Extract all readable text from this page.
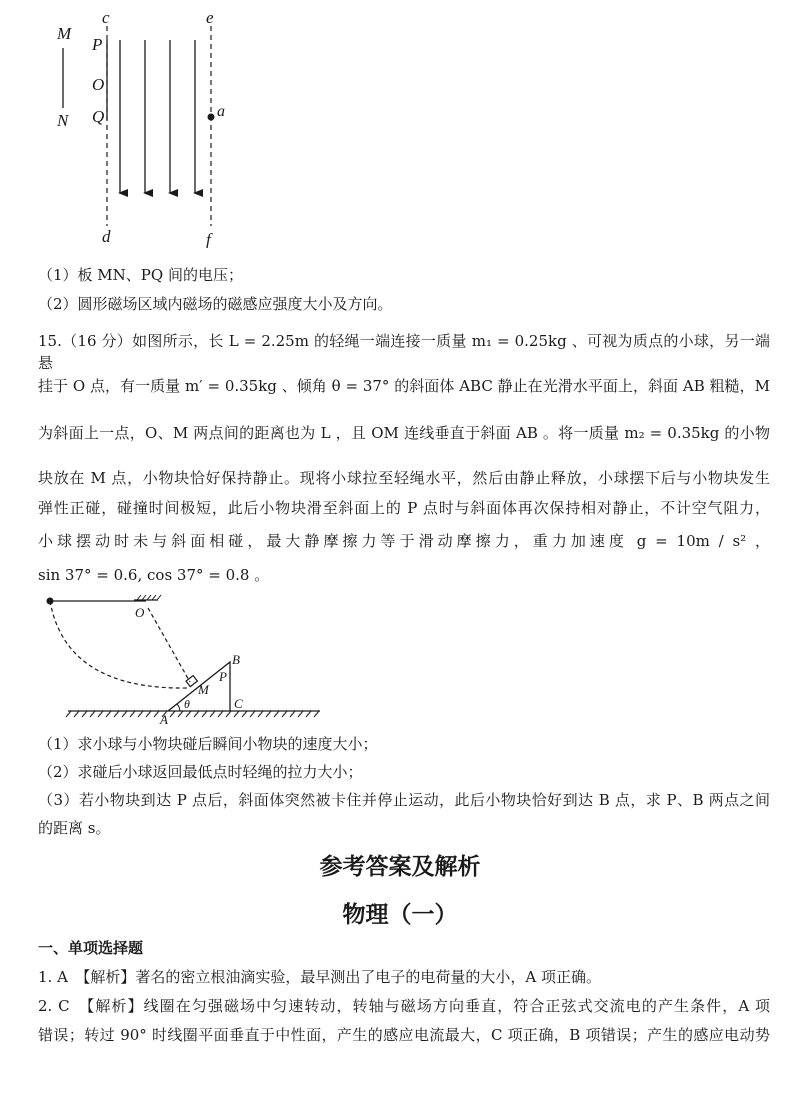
M
N
c
P
O
Q
d
e
a
f
（1）板 MN、PQ 间的电压；
（2）圆形磁场区域内磁场的磁感应强度大小及方向。
15.（16 分）如图所示，长 L = 2.25m 的轻绳一端连接一质量 m₁ = 0.25kg 、可视为质点的小球，另一端悬
挂于 O 点，有一质量 m′ = 0.35kg 、倾角 θ = 37° 的斜面体 ABC 静止在光滑水平面上，斜面 AB 粗糙，M
为斜面上一点，O、M 两点间的距离也为 L ，且 OM 连线垂直于斜面 AB 。将一质量 m₂ = 0.35kg 的小物
块放在 M 点，小物块恰好保持静止。现将小球拉至轻绳水平，然后由静止释放，小球摆下后与小物块发生
弹性正碰，碰撞时间极短，此后小物块滑至斜面上的 P 点时与斜面体再次保持相对静止，不计空气阻力，
小球摆动时未与斜面相碰，最大静摩擦力等于滑动摩擦力，重力加速度 g = 10m / s² ，
sin 37° = 0.6, cos 37° = 0.8 。
O
B
P
M
θ	C
A
（1）求小球与小物块碰后瞬间小物块的速度大小；
（2）求碰后小球返回最低点时轻绳的拉力大小；
（3）若小物块到达 P 点后，斜面体突然被卡住并停止运动，此后小物块恰好到达 B 点，求 P、B 两点之间
的距离 s。
参考答案及解析
物理（一）
一、单项选择题
1. A　【解析】著名的密立根油滴实验，最早测出了电子的电荷量的大小，A 项正确。
2. C　【解析】线圈在匀强磁场中匀速转动，转轴与磁场方向垂直，符合正弦式交流电的产生条件，A 项
错误；转过 90° 时线圈平面垂直于中性面，产生的感应电流最大，C 项正确，B 项错误；产生的感应电动势
